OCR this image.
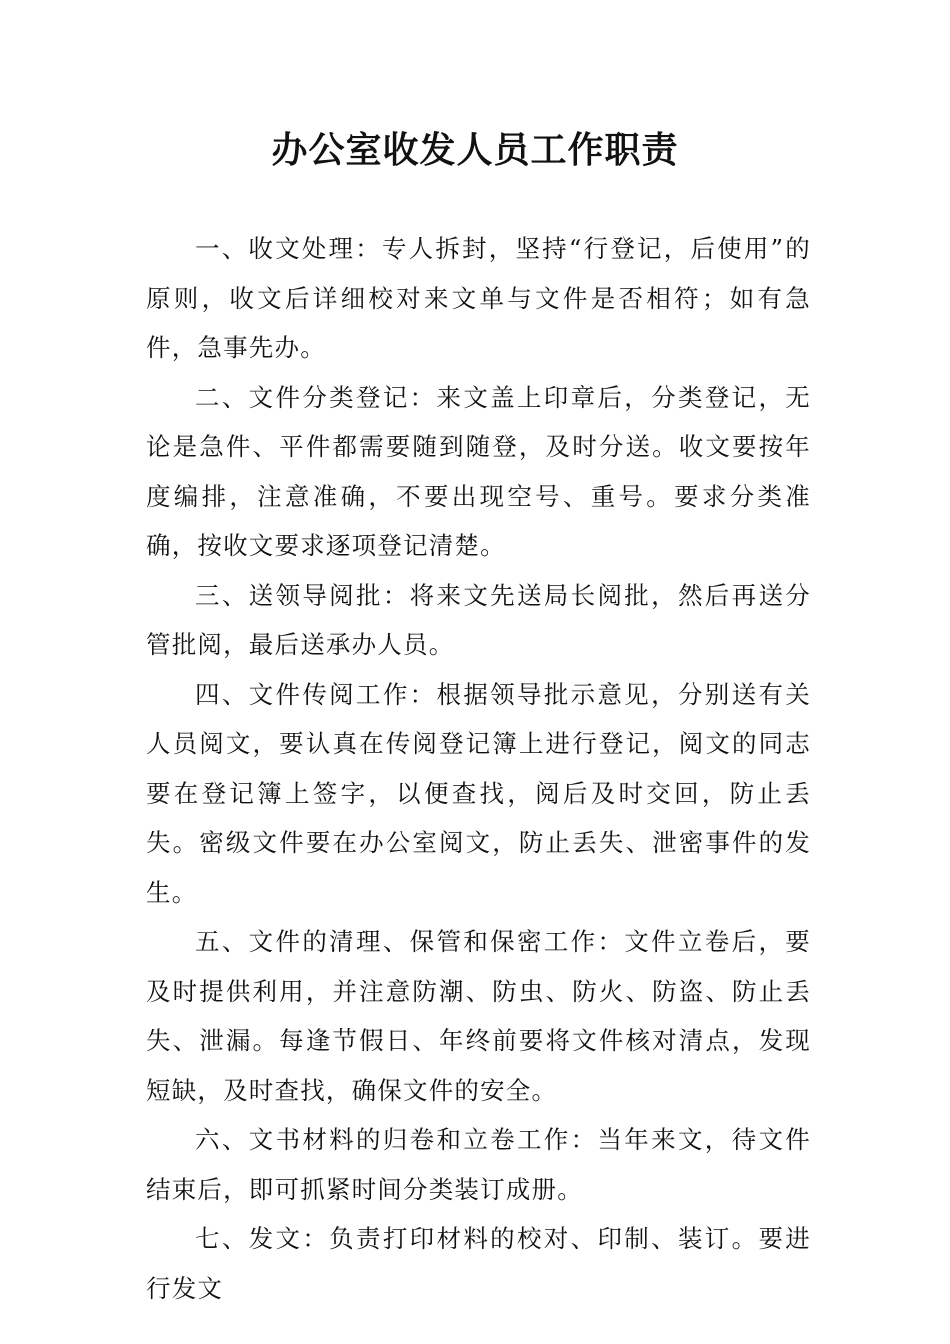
办公室收发人员工作职责

一、收文处理：专人拆封，坚持“行登记，后使用”的原则，收文后详细校对来文单与文件是否相符；如有急件，急事先办。

二、文件分类登记：来文盖上印章后，分类登记，无论是急件、平件都需要随到随登，及时分送。收文要按年度编排，注意准确，不要出现空号、重号。要求分类准确，按收文要求逐项登记清楚。

三、送领导阅批：将来文先送局长阅批，然后再送分管批阅，最后送承办人员。

四、文件传阅工作：根据领导批示意见，分别送有关人员阅文，要认真在传阅登记簿上进行登记，阅文的同志要在登记簿上签字，以便查找，阅后及时交回，防止丢失。密级文件要在办公室阅文，防止丢失、泄密事件的发生。

五、文件的清理、保管和保密工作：文件立卷后，要及时提供利用，并注意防潮、防虫、防火、防盗、防止丢失、泄漏。每逢节假日、年终前要将文件核对清点，发现短缺，及时查找，确保文件的安全。

六、文书材料的归卷和立卷工作：当年来文，待文件结束后，即可抓紧时间分类装订成册。

七、发文：负责打印材料的校对、印制、装订。要进行发文
